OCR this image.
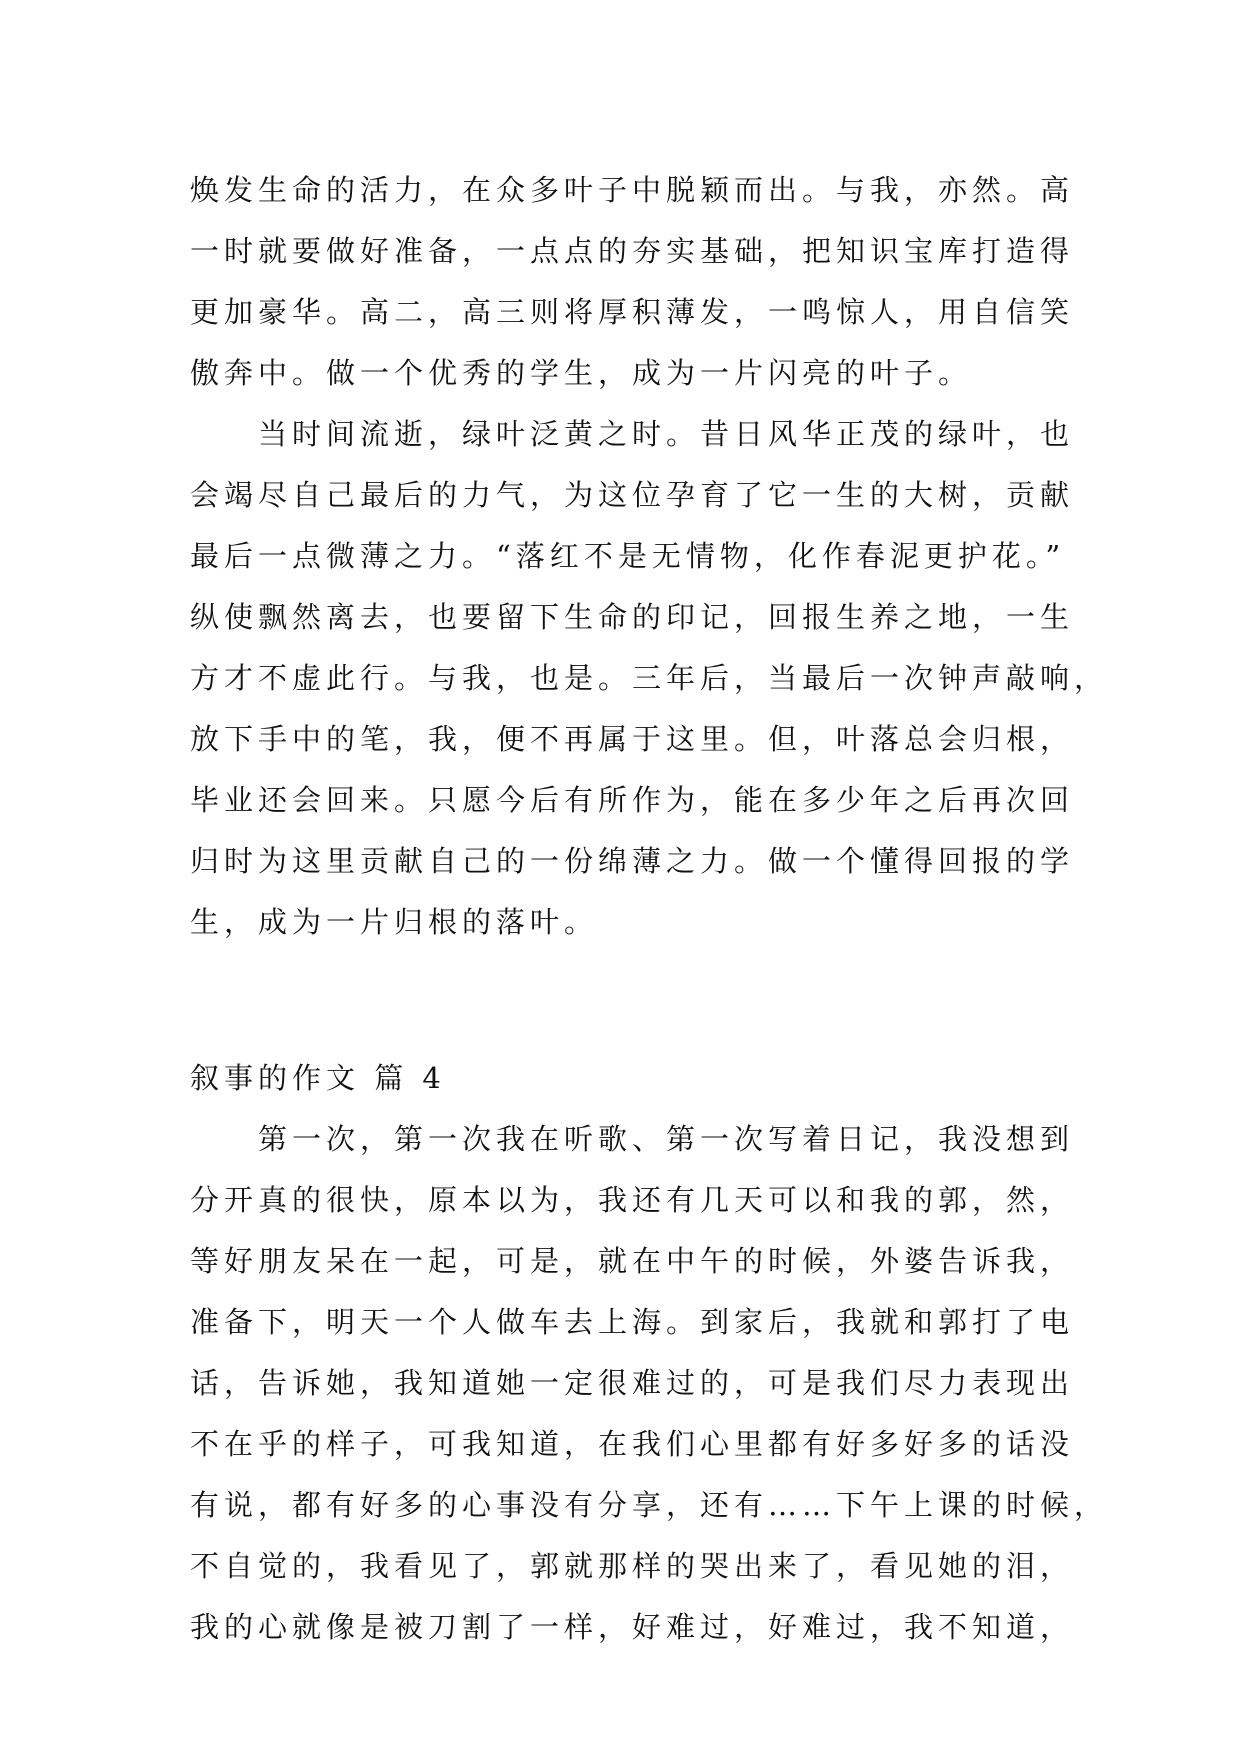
焕发生命的活力，在众多叶子中脱颖而出。与我，亦然。高
一时就要做好准备，一点点的夯实基础，把知识宝库打造得
更加豪华。高二，高三则将厚积薄发，一鸣惊人，用自信笑
傲奔中。做一个优秀的学生，成为一片闪亮的叶子。
当时间流逝，绿叶泛黄之时。昔日风华正茂的绿叶，也
会竭尽自己最后的力气，为这位孕育了它一生的大树，贡献
最后一点微薄之力。“落红不是无情物，化作春泥更护花。”
纵使飘然离去，也要留下生命的印记，回报生养之地，一生
方才不虚此行。与我，也是。三年后，当最后一次钟声敲响，
放下手中的笔，我，便不再属于这里。但，叶落总会归根，
毕业还会回来。只愿今后有所作为，能在多少年之后再次回
归时为这里贡献自己的一份绵薄之力。做一个懂得回报的学
生，成为一片归根的落叶。
叙事的作文 篇 4
第一次，第一次我在听歌、第一次写着日记，我没想到
分开真的很快，原本以为，我还有几天可以和我的郭，然，
等好朋友呆在一起，可是，就在中午的时候，外婆告诉我，
准备下，明天一个人做车去上海。到家后，我就和郭打了电
话，告诉她，我知道她一定很难过的，可是我们尽力表现出
不在乎的样子，可我知道，在我们心里都有好多好多的话没
有说，都有好多的心事没有分享，还有……下午上课的时候，
不自觉的，我看见了，郭就那样的哭出来了，看见她的泪，
我的心就像是被刀割了一样，好难过，好难过，我不知道，
